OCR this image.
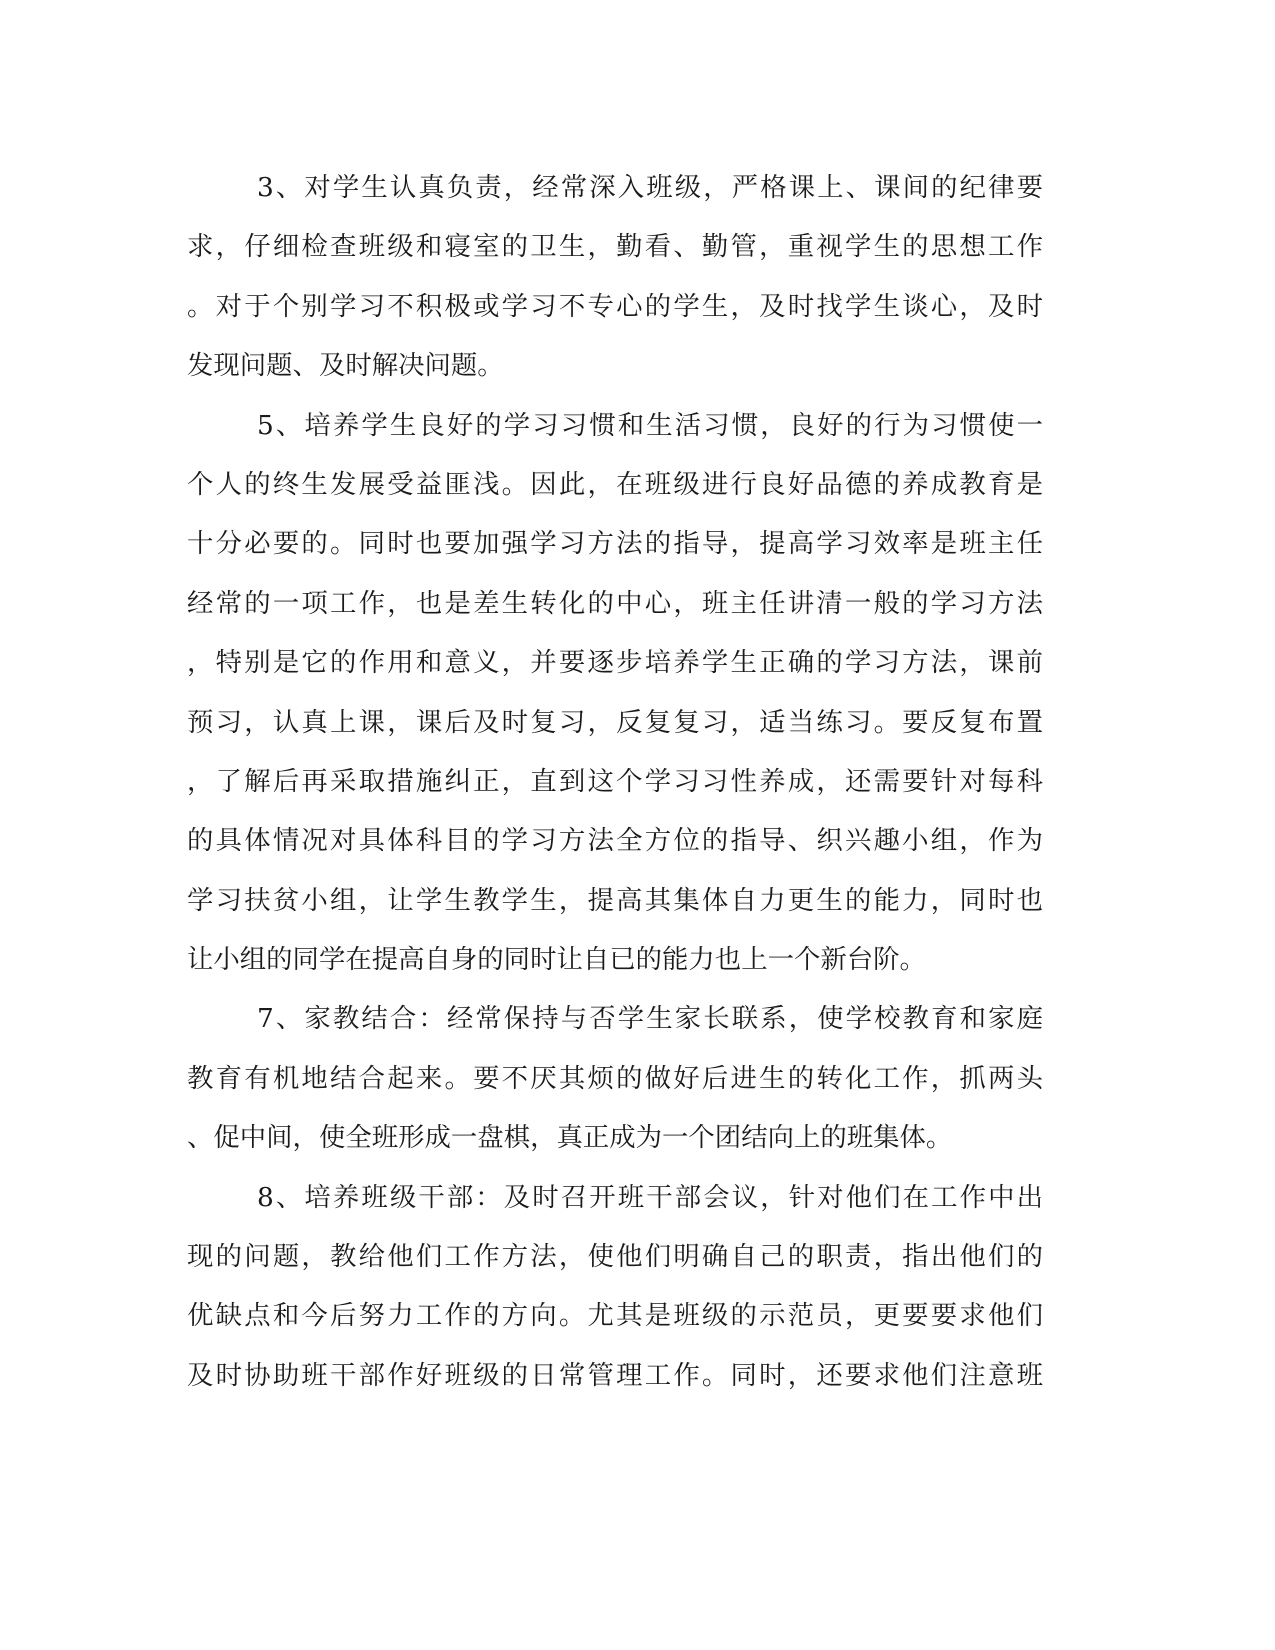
3、对学生认真负责，经常深入班级，严格课上、课间的纪律要
求，仔细检查班级和寝室的卫生，勤看、勤管，重视学生的思想工作
。对于个别学习不积极或学习不专心的学生，及时找学生谈心，及时
发现问题、及时解决问题。
5、培养学生良好的学习习惯和生活习惯，良好的行为习惯使一
个人的终生发展受益匪浅。因此，在班级进行良好品德的养成教育是
十分必要的。同时也要加强学习方法的指导，提高学习效率是班主任
经常的一项工作，也是差生转化的中心，班主任讲清一般的学习方法
，特别是它的作用和意义，并要逐步培养学生正确的学习方法，课前
预习，认真上课，课后及时复习，反复复习，适当练习。要反复布置
，了解后再采取措施纠正，直到这个学习习性养成，还需要针对每科
的具体情况对具体科目的学习方法全方位的指导、织兴趣小组，作为
学习扶贫小组，让学生教学生，提高其集体自力更生的能力，同时也
让小组的同学在提高自身的同时让自已的能力也上一个新台阶。
7、家教结合：经常保持与否学生家长联系，使学校教育和家庭
教育有机地结合起来。要不厌其烦的做好后进生的转化工作，抓两头
、促中间，使全班形成一盘棋，真正成为一个团结向上的班集体。
8、培养班级干部：及时召开班干部会议，针对他们在工作中出
现的问题，教给他们工作方法，使他们明确自己的职责，指出他们的
优缺点和今后努力工作的方向。尤其是班级的示范员，更要要求他们
及时协助班干部作好班级的日常管理工作。同时，还要求他们注意班
